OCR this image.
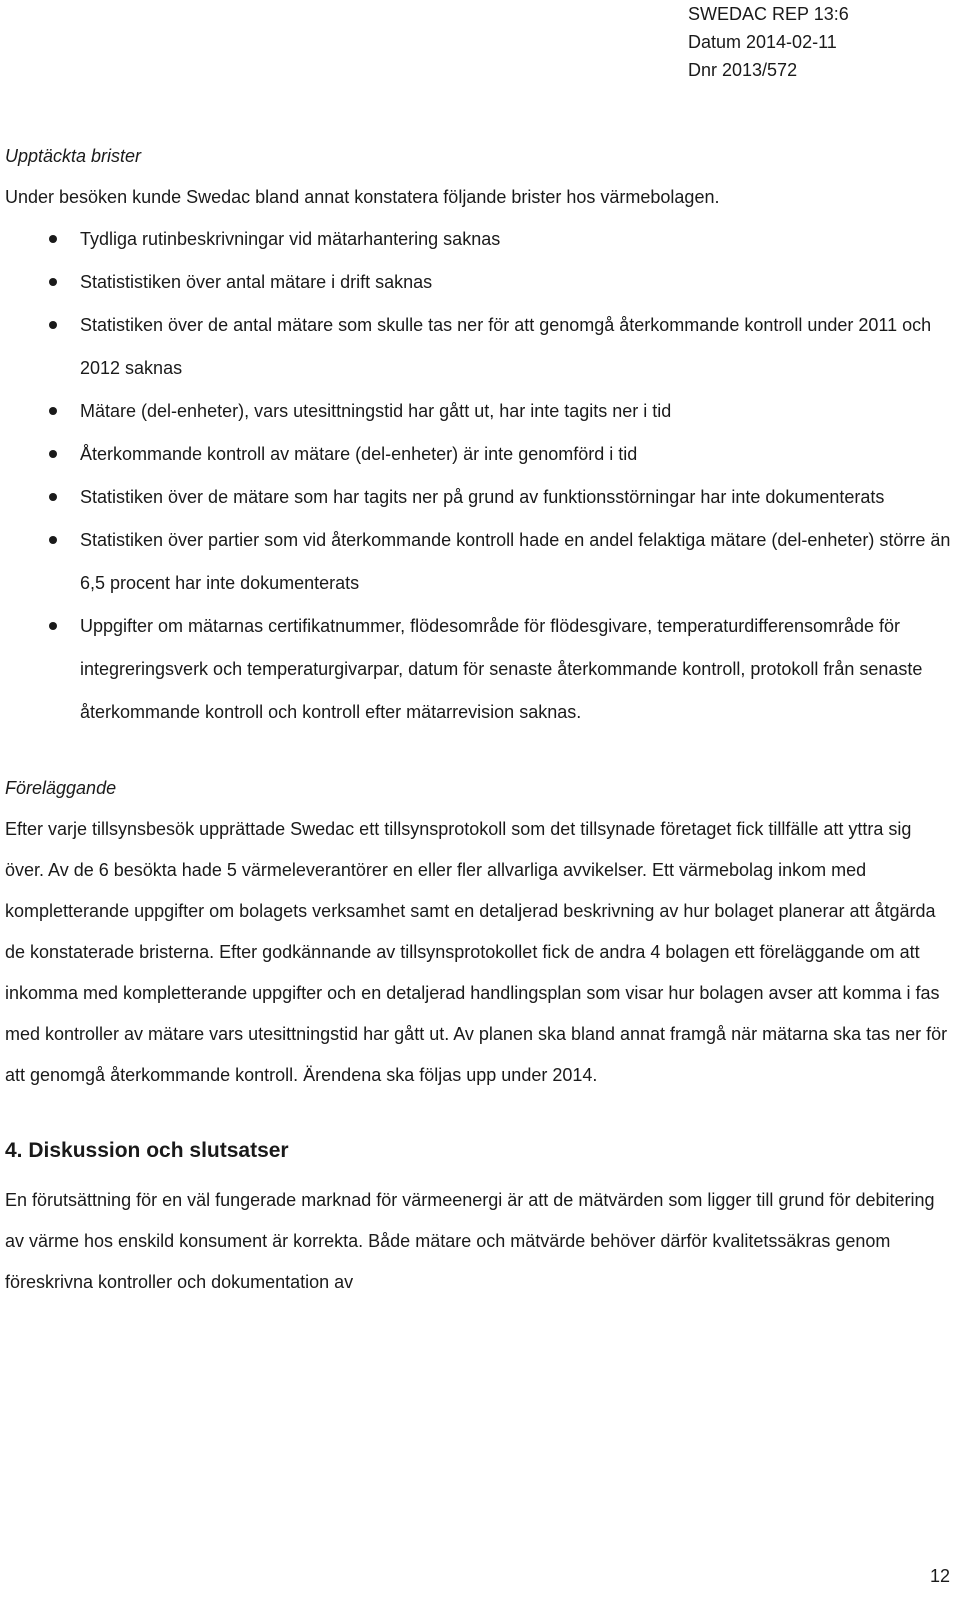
SWEDAC REP 13:6
Datum 2014-02-11
Dnr 2013/572

Upptäckta brister

Under besöken kunde Swedac bland annat konstatera följande brister hos värmebolagen.

Tydliga rutinbeskrivningar vid mätarhantering saknas
Statististiken över antal mätare i drift saknas
Statistiken över de antal mätare som skulle tas ner för att genomgå återkommande kontroll under 2011 och 2012 saknas
Mätare (del-enheter), vars utesittningstid har gått ut, har inte tagits ner i tid
Återkommande kontroll av mätare (del-enheter) är inte genomförd i tid
Statistiken över de mätare som har tagits ner på grund av funktionsstörningar har inte dokumenterats
Statistiken över partier som vid återkommande kontroll hade en andel felaktiga mätare (del-enheter) större än 6,5 procent har inte dokumenterats
Uppgifter om mätarnas certifikatnummer, flödesområde för flödesgivare, temperaturdifferensområde för integreringsverk och temperaturgivarpar, datum för senaste återkommande kontroll, protokoll från senaste återkommande kontroll och kontroll efter mätarrevision saknas.

Föreläggande

Efter varje tillsynsbesök upprättade Swedac ett tillsynsprotokoll som det tillsynade företaget fick tillfälle att yttra sig över. Av de 6 besökta hade 5 värmeleverantörer en eller fler allvarliga avvikelser. Ett värmebolag inkom med kompletterande uppgifter om bolagets verksamhet samt en detaljerad beskrivning av hur bolaget planerar att åtgärda de konstaterade bristerna. Efter godkännande av tillsynsprotokollet fick de andra 4 bolagen ett föreläggande om att inkomma med kompletterande uppgifter och en detaljerad handlingsplan som visar hur bolagen avser att komma i fas med kontroller av mätare vars utesittningstid har gått ut. Av planen ska bland annat framgå när mätarna ska tas ner för att genomgå återkommande kontroll. Ärendena ska följas upp under 2014.

4. Diskussion och slutsatser

En förutsättning för en väl fungerade marknad för värmeenergi är att de mätvärden som ligger till grund för debitering av värme hos enskild konsument är korrekta. Både mätare och mätvärde behöver därför kvalitetssäkras genom föreskrivna kontroller och dokumentation av

12
